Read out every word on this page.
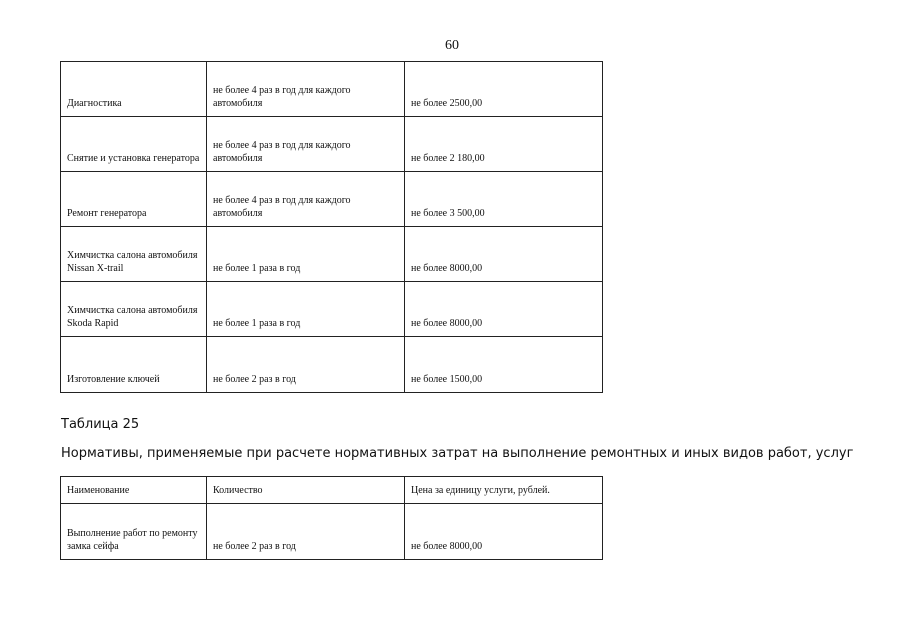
60
Диагностика	не более 4 раз в год для каждого автомобиля	не более 2500,00
Снятие и установка генератора	не более 4 раз в год для каждого автомобиля	не более 2 180,00
Ремонт генератора	не более 4 раз в год для каждого автомобиля	не более 3 500,00
Химчистка салона автомобиля Nissan X-trail	не более 1 раза в год	не более 8000,00
Химчистка салона автомобиля Skoda Rapid	не более 1 раза в год	не более 8000,00
Изготовление ключей	не более 2 раз в год	не более 1500,00
Таблица 25
Нормативы, применяемые при расчете нормативных затрат на выполнение ремонтных и иных видов работ, услуг
Наименование	Количество	Цена за единицу услуги, рублей.
Выполнение работ по ремонту замка сейфа	не более 2 раз в год	не более 8000,00
